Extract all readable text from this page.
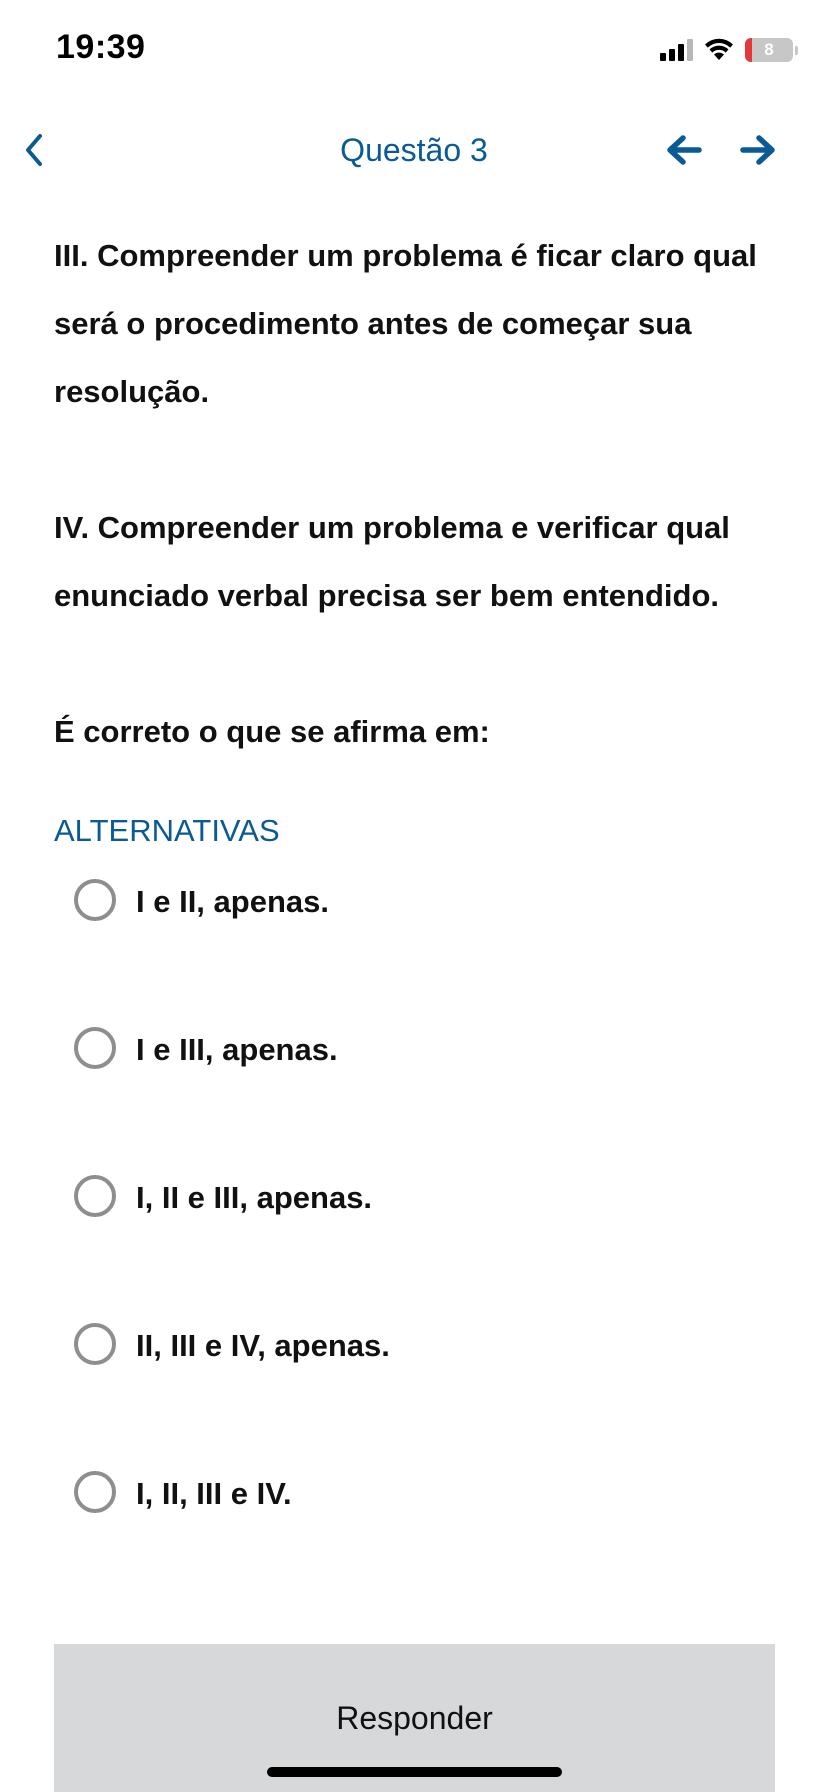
19:39	8
Questão 3

III. Compreender um problema é ficar claro qual será o procedimento antes de começar sua resolução.

IV. Compreender um problema e verificar qual enunciado verbal precisa ser bem entendido.

É correto o que se afirma em:

ALTERNATIVAS

I e II, apenas.
I e III, apenas.
I, II e III, apenas.
II, III e IV, apenas.
I, II, III e IV.
Responder
